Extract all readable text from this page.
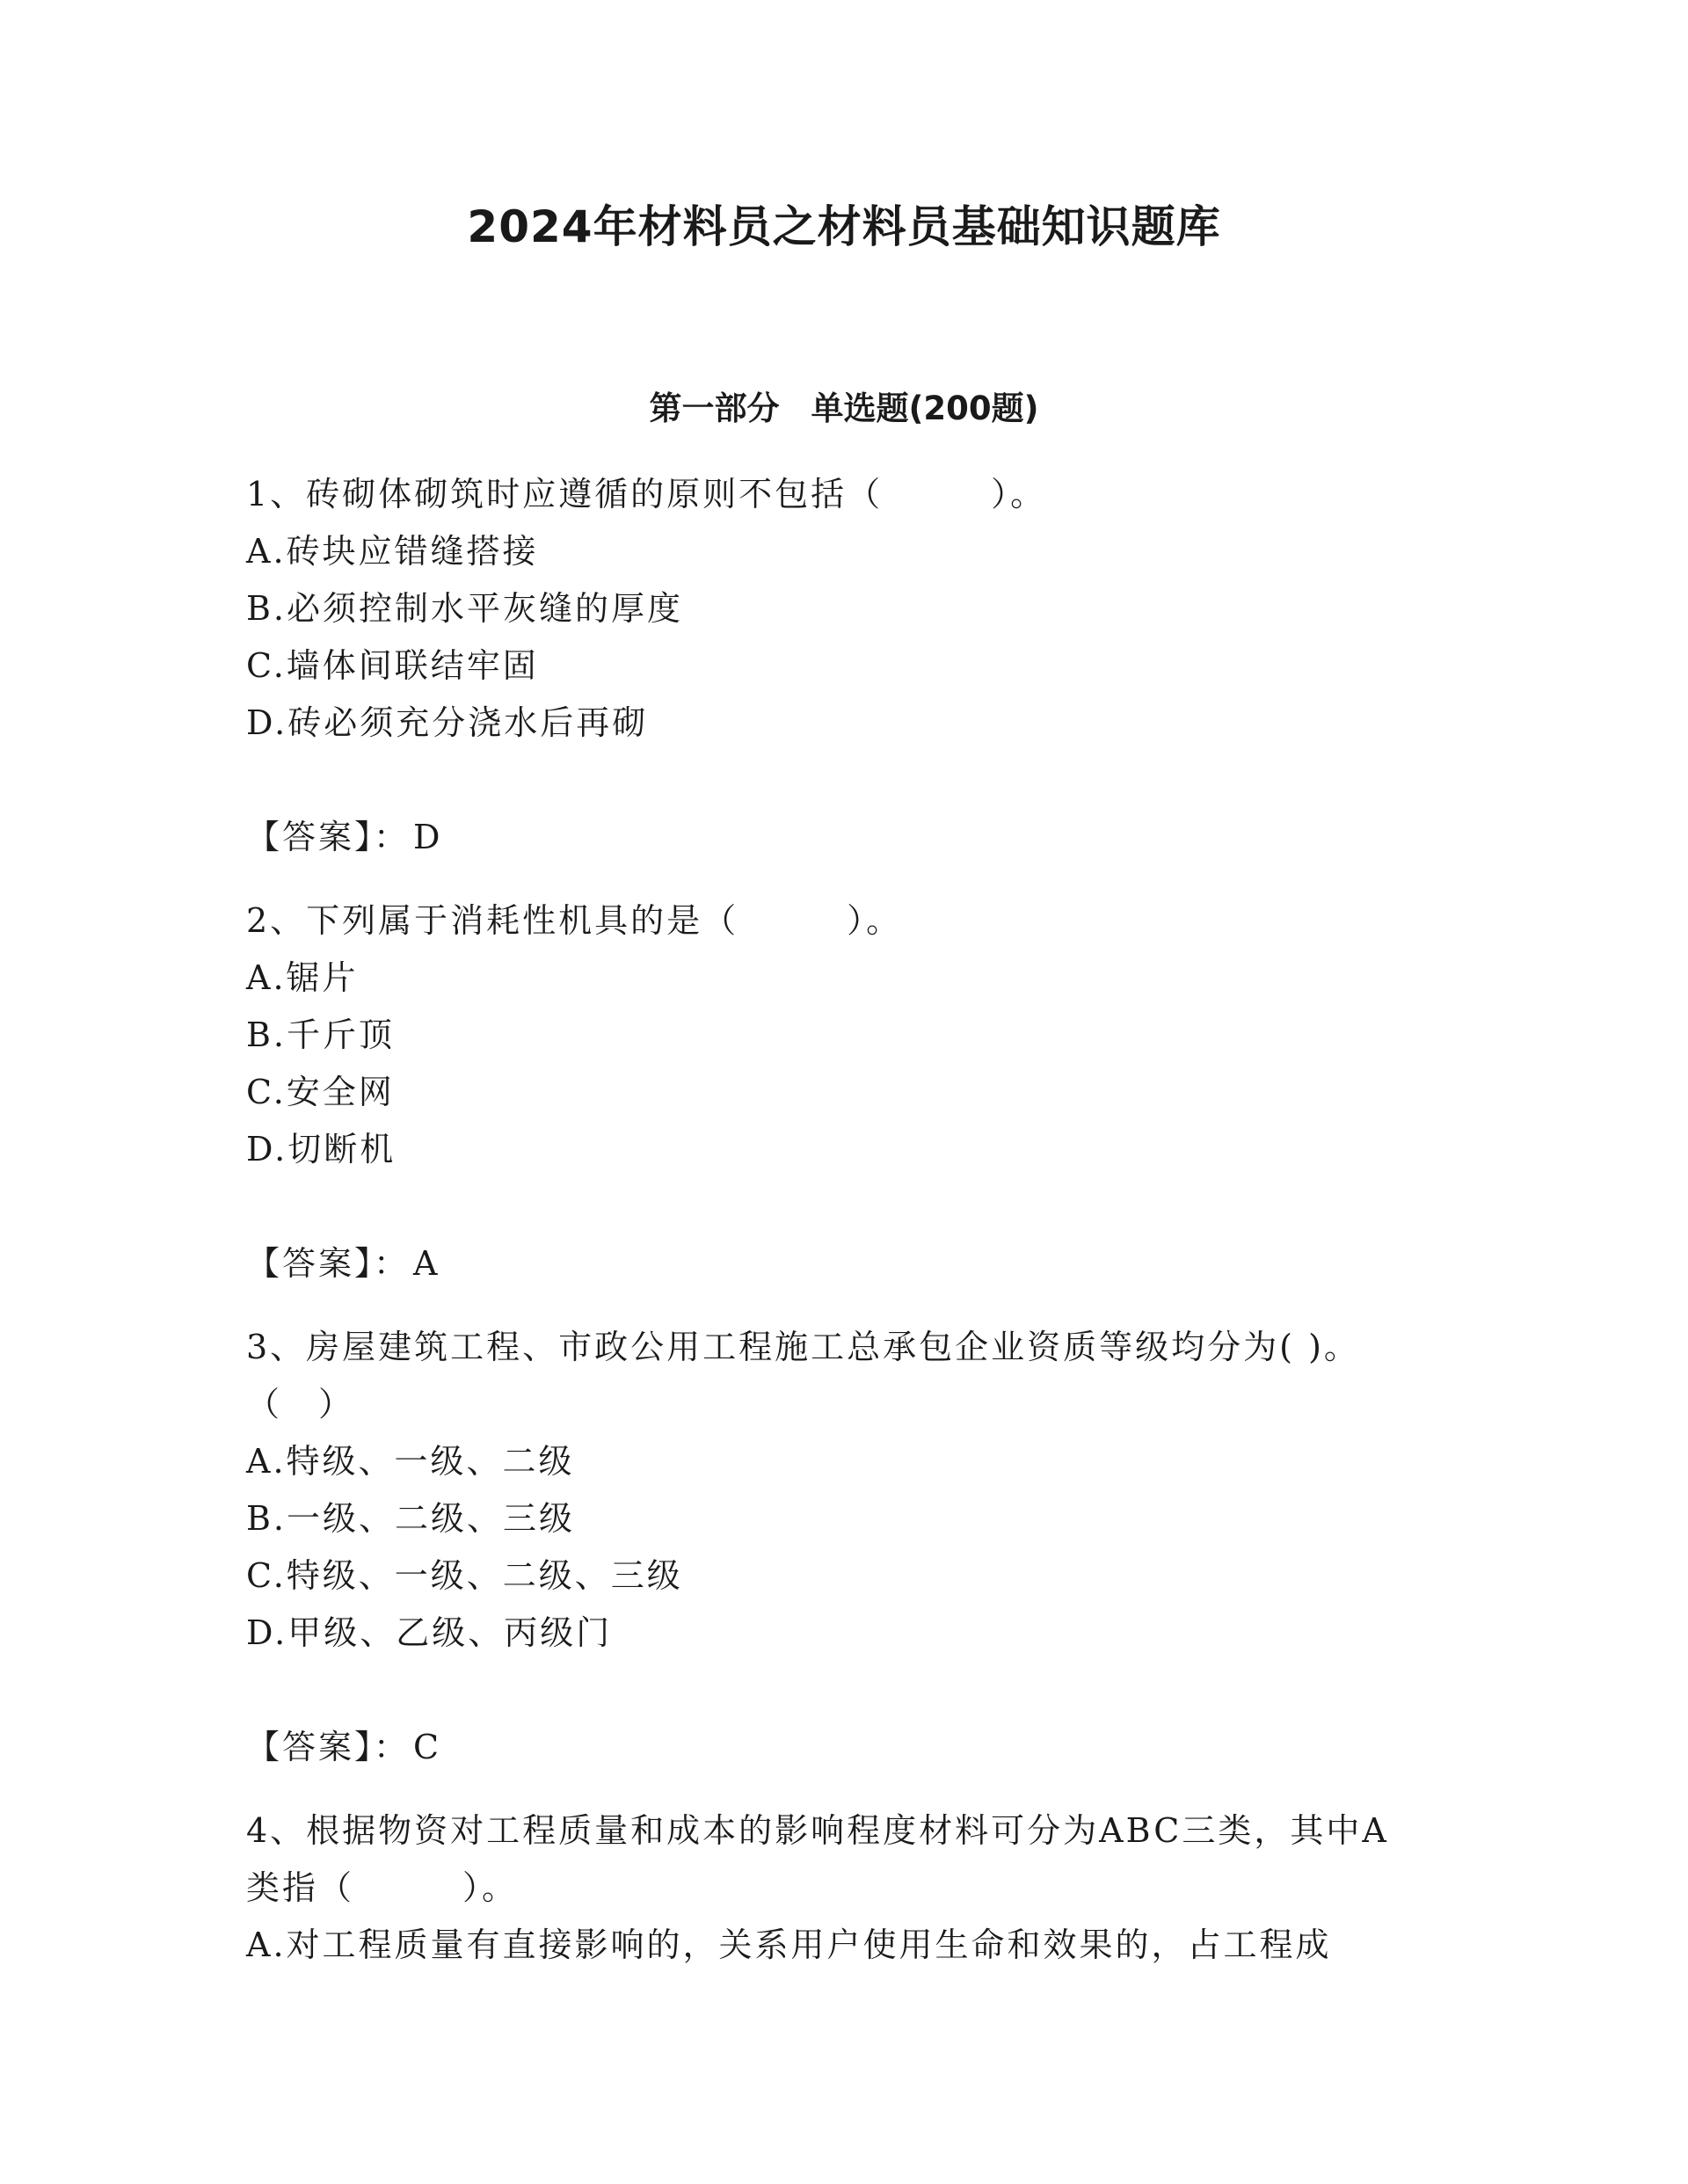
2024年材料员之材料员基础知识题库
第一部分 单选题(200题)
1、砖砌体砌筑时应遵循的原则不包括（　　　）。
A.砖块应错缝搭接
B.必须控制水平灰缝的厚度
C.墙体间联结牢固
D.砖必须充分浇水后再砌
【答案】： D
2、下列属于消耗性机具的是（　　　）。
A.锯片
B.千斤顶
C.安全网
D.切断机
【答案】： A
3、房屋建筑工程、市政公用工程施工总承包企业资质等级均分为( )。（　）
A.特级、一级、二级
B.一级、二级、三级
C.特级、一级、二级、三级
D.甲级、乙级、丙级门
【答案】： C
4、根据物资对工程质量和成本的影响程度材料可分为ABC三类，其中A类指（　　　）。
A.对工程质量有直接影响的，关系用户使用生命和效果的，占工程成
